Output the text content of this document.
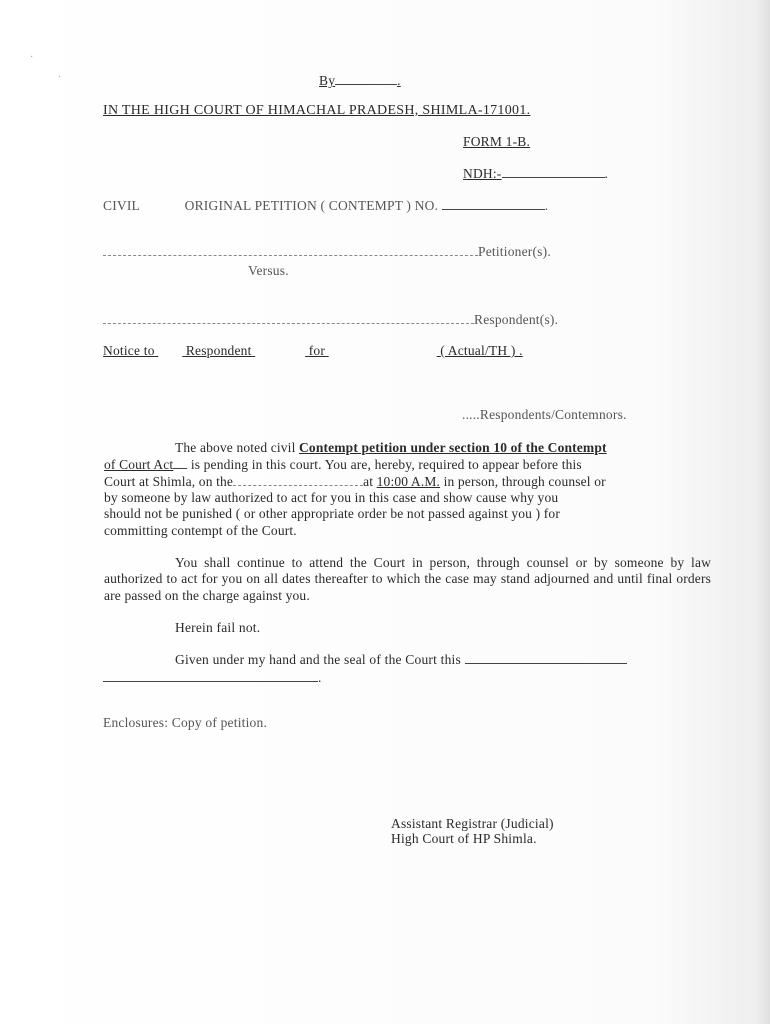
·
·	By	.
IN THE HIGH COURT OF HIMACHAL PRADESH, SHIMLA-171001.
FORM 1-B.
NDH:-	.
CIVIL	ORIGINAL PETITION ( CONTEMPT ) NO.	.
Petitioner(s).
Versus.
Respondent(s).
Notice to Respondent	for	( Actual/TH ) .
.....Respondents/Contemnors.
The above noted civil Contempt petition under section 10 of the Contempt
of Court Act is pending in this court. You are, hereby, required to appear before this
Court at Shimla, on the	at 10:00 A.M. in person, through counsel or
by someone by law authorized to act for you in this case and show cause why you
should not be punished ( or other appropriate order be not passed against you ) for
committing contempt of the Court.
You shall continue to attend the Court in person, through counsel or by someone by law authorized to act for you on all dates thereafter to which the case may stand adjourned and until final orders are passed on the charge against you.
Herein fail not.
Given under my hand and the seal of the Court this
.
Enclosures: Copy of petition.
Assistant Registrar (Judicial)
High Court of HP Shimla.
